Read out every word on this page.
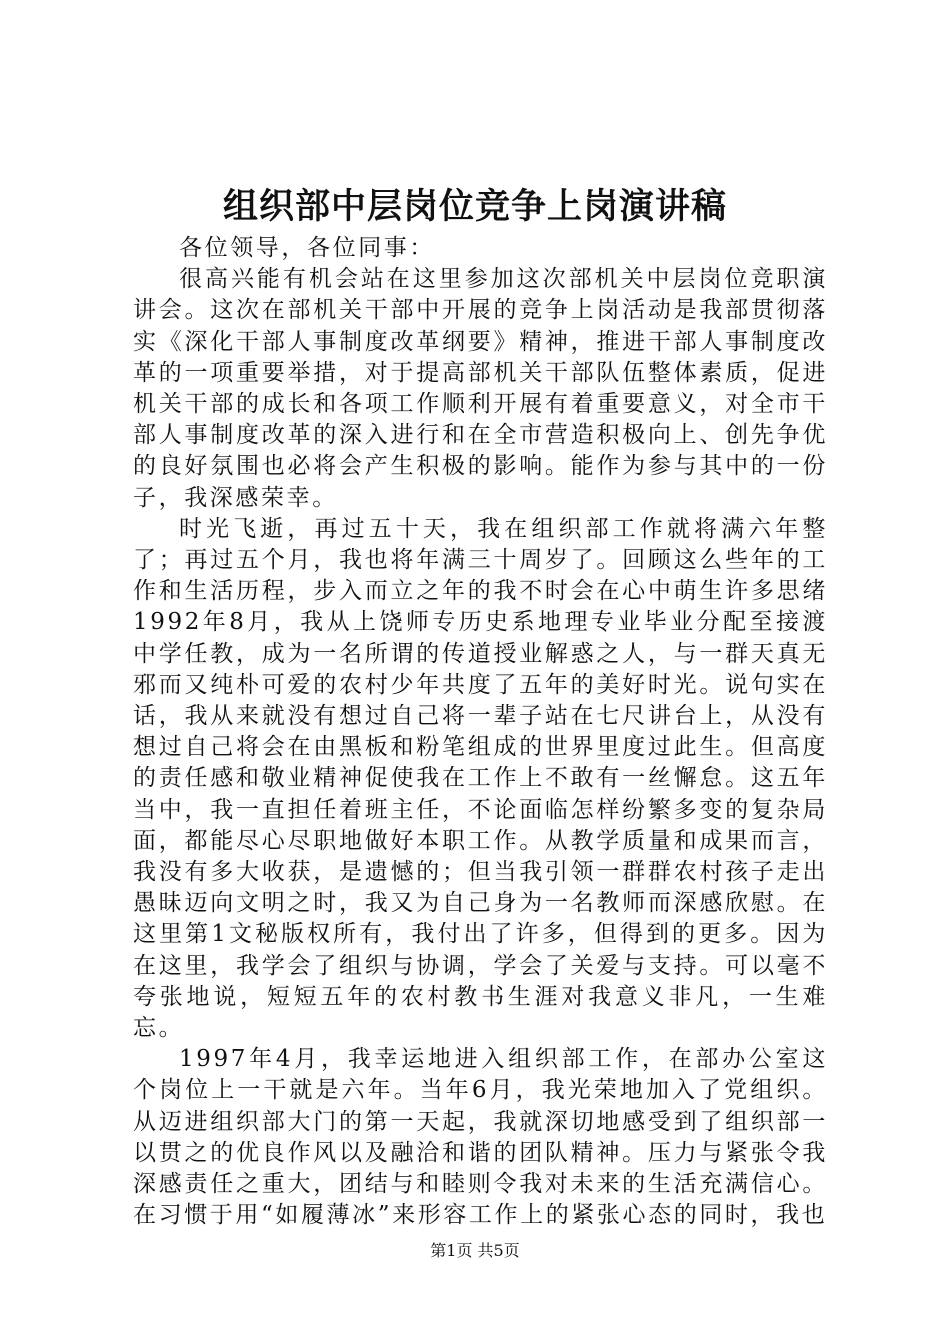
组织部中层岗位竞争上岗演讲稿

各位领导，各位同事：

很高兴能有机会站在这里参加这次部机关中层岗位竞职演讲会。这次在部机关干部中开展的竞争上岗活动是我部贯彻落实《深化干部人事制度改革纲要》精神，推进干部人事制度改革的一项重要举措，对于提高部机关干部队伍整体素质，促进机关干部的成长和各项工作顺利开展有着重要意义，对全市干部人事制度改革的深入进行和在全市营造积极向上、创先争优的良好氛围也必将会产生积极的影响。能作为参与其中的一份子，我深感荣幸。

时光飞逝，再过五十天，我在组织部工作就将满六年整了；再过五个月，我也将年满三十周岁了。回顾这么些年的工作和生活历程，步入而立之年的我不时会在心中萌生许多思绪1992年8月，我从上饶师专历史系地理专业毕业分配至接渡中学任教，成为一名所谓的传道授业解惑之人，与一群天真无邪而又纯朴可爱的农村少年共度了五年的美好时光。说句实在话，我从来就没有想过自己将一辈子站在七尺讲台上，从没有想过自己将会在由黑板和粉笔组成的世界里度过此生。但高度的责任感和敬业精神促使我在工作上不敢有一丝懈怠。这五年当中，我一直担任着班主任，不论面临怎样纷繁多变的复杂局面，都能尽心尽职地做好本职工作。从教学质量和成果而言，我没有多大收获，是遗憾的；但当我引领一群群农村孩子走出愚昧迈向文明之时，我又为自己身为一名教师而深感欣慰。在这里第1文秘版权所有，我付出了许多，但得到的更多。因为在这里，我学会了组织与协调，学会了关爱与支持。可以毫不夸张地说，短短五年的农村教书生涯对我意义非凡，一生难忘。

1997年4月，我幸运地进入组织部工作，在部办公室这个岗位上一干就是六年。当年6月，我光荣地加入了党组织。从迈进组织部大门的第一天起，我就深切地感受到了组织部一以贯之的优良作风以及融洽和谐的团队精神。压力与紧张令我深感责任之重大，团结与和睦则令我对未来的生活充满信心。在习惯于用“如履薄冰”来形容工作上的紧张心态的同时，我也

第1页 共5页
